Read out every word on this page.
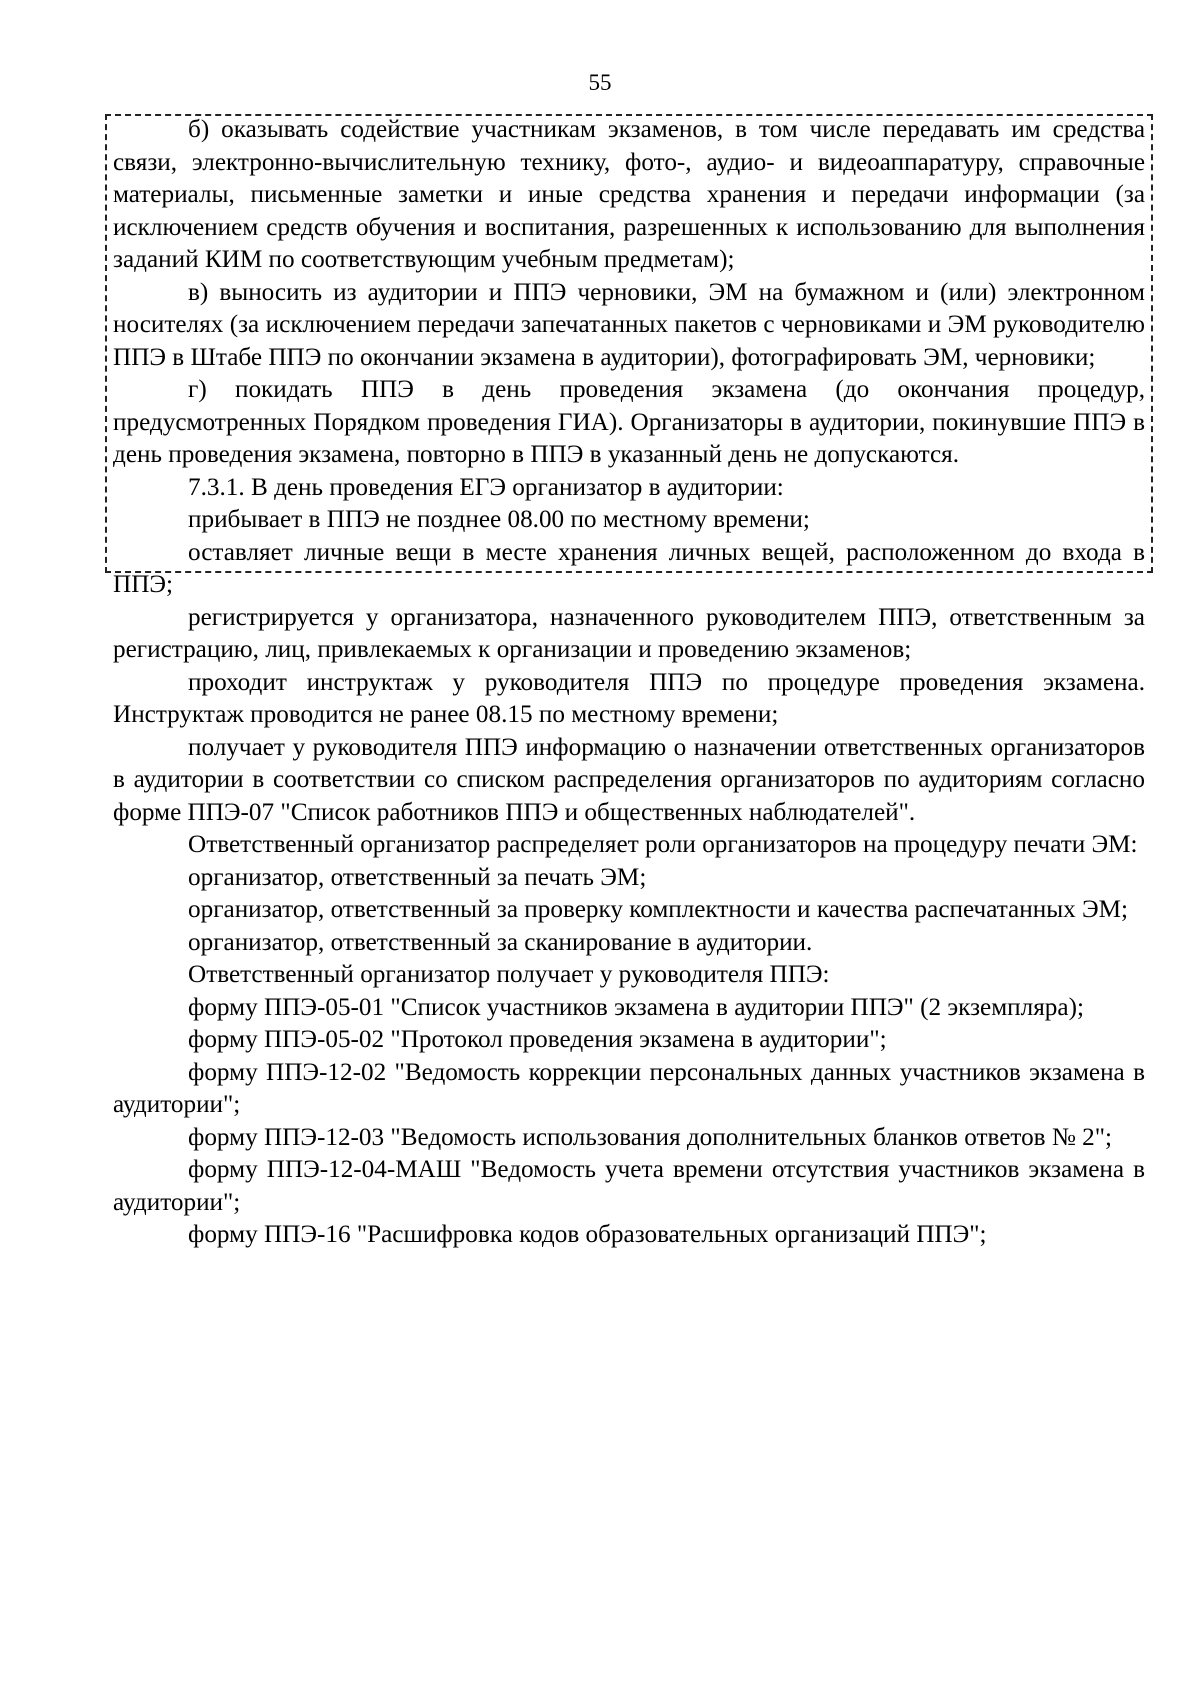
55

б) оказывать содействие участникам экзаменов, в том числе передавать им средства связи, электронно-вычислительную технику, фото-, аудио- и видеоаппаратуру, справочные материалы, письменные заметки и иные средства хранения и передачи информации (за исключением средств обучения и воспитания, разрешенных к использованию для выполнения заданий КИМ по соответствующим учебным предметам);

в) выносить из аудитории и ППЭ черновики, ЭМ на бумажном и (или) электронном носителях (за исключением передачи запечатанных пакетов с черновиками и ЭМ руководителю ППЭ в Штабе ППЭ по окончании экзамена в аудитории), фотографировать ЭМ, черновики;

г) покидать ППЭ в день проведения экзамена (до окончания процедур, предусмотренных Порядком проведения ГИА). Организаторы в аудитории, покинувшие ППЭ в день проведения экзамена, повторно в ППЭ в указанный день не допускаются.

7.3.1. В день проведения ЕГЭ организатор в аудитории:

прибывает в ППЭ не позднее 08.00 по местному времени;

оставляет личные вещи в месте хранения личных вещей, расположенном до входа в ППЭ;

регистрируется у организатора, назначенного руководителем ППЭ, ответственным за регистрацию, лиц, привлекаемых к организации и проведению экзаменов;

проходит инструктаж у руководителя ППЭ по процедуре проведения экзамена. Инструктаж проводится не ранее 08.15 по местному времени;

получает у руководителя ППЭ информацию о назначении ответственных организаторов в аудитории в соответствии со списком распределения организаторов по аудиториям согласно форме ППЭ-07 "Список работников ППЭ и общественных наблюдателей".

Ответственный организатор распределяет роли организаторов на процедуру печати ЭМ:

организатор, ответственный за печать ЭМ;

организатор, ответственный за проверку комплектности и качества распечатанных ЭМ;

организатор, ответственный за сканирование в аудитории.

Ответственный организатор получает у руководителя ППЭ:

форму ППЭ-05-01 "Список участников экзамена в аудитории ППЭ" (2 экземпляра);

форму ППЭ-05-02 "Протокол проведения экзамена в аудитории";

форму ППЭ-12-02 "Ведомость коррекции персональных данных участников экзамена в аудитории";

форму ППЭ-12-03 "Ведомость использования дополнительных бланков ответов № 2";

форму ППЭ-12-04-МАШ "Ведомость учета времени отсутствия участников экзамена в аудитории";

форму ППЭ-16 "Расшифровка кодов образовательных организаций ППЭ";
